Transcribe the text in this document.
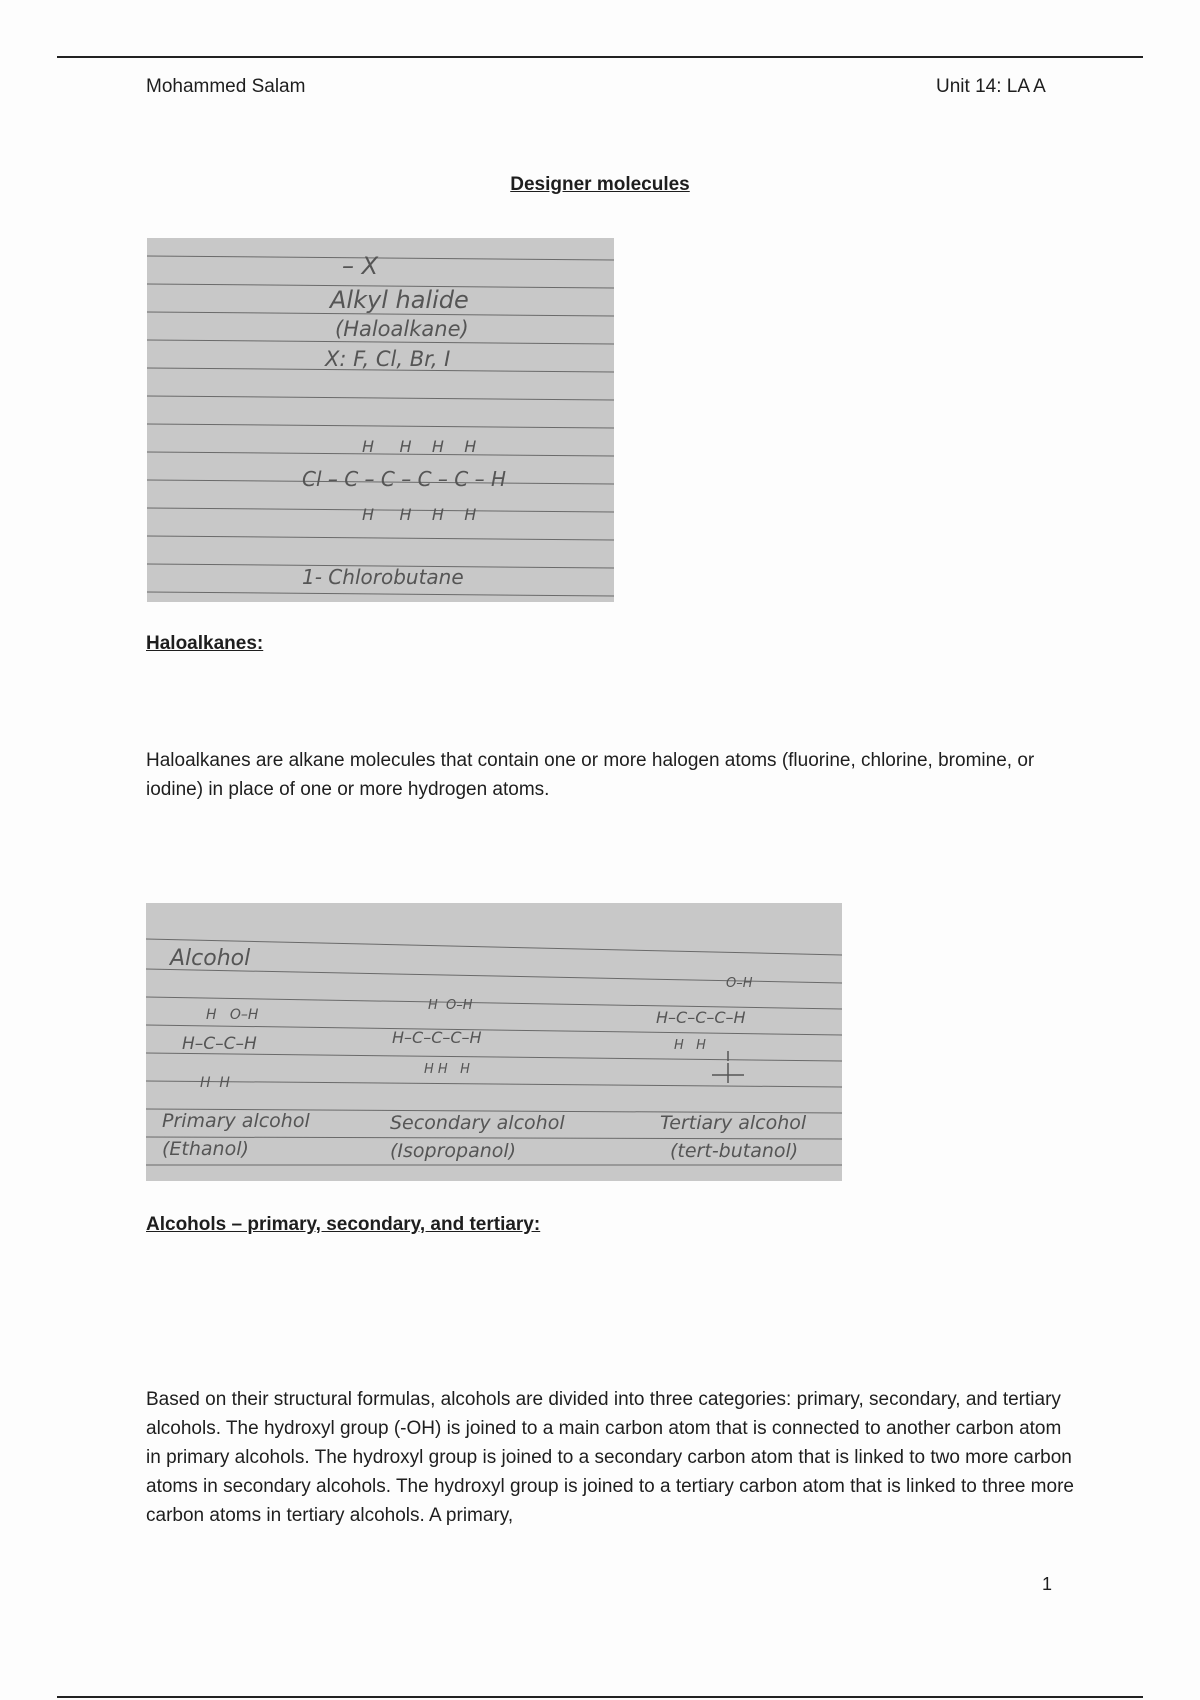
Mohammed Salam	Unit 14: LA A
Designer molecules
– X
Alkyl halide
(Haloalkane)
X: F, Cl, Br, I
H     H    H    H
Cl – C – C – C – C – H
H     H    H    H
1- Chlorobutane
Haloalkanes:
Haloalkanes are alkane molecules that contain one or more halogen atoms (fluorine, chlorine, bromine, or iodine) in place of one or more hydrogen atoms.
Alcohol
H   O–H
H–C–C–H
H  H
Primary alcohol
(Ethanol)
H  O–H
H–C–C–C–H
H H   H
Secondary alcohol
(Isopropanol)
O–H
H–C–C–C–H
H   H
Tertiary alcohol
(tert-butanol)
Alcohols – primary, secondary, and tertiary:
Based on their structural formulas, alcohols are divided into three categories: primary, secondary, and tertiary alcohols. The hydroxyl group (-OH) is joined to a main carbon atom that is connected to another carbon atom in primary alcohols. The hydroxyl group is joined to a secondary carbon atom that is linked to two more carbon atoms in secondary alcohols. The hydroxyl group is joined to a tertiary carbon atom that is linked to three more carbon atoms in tertiary alcohols. A primary,
1
